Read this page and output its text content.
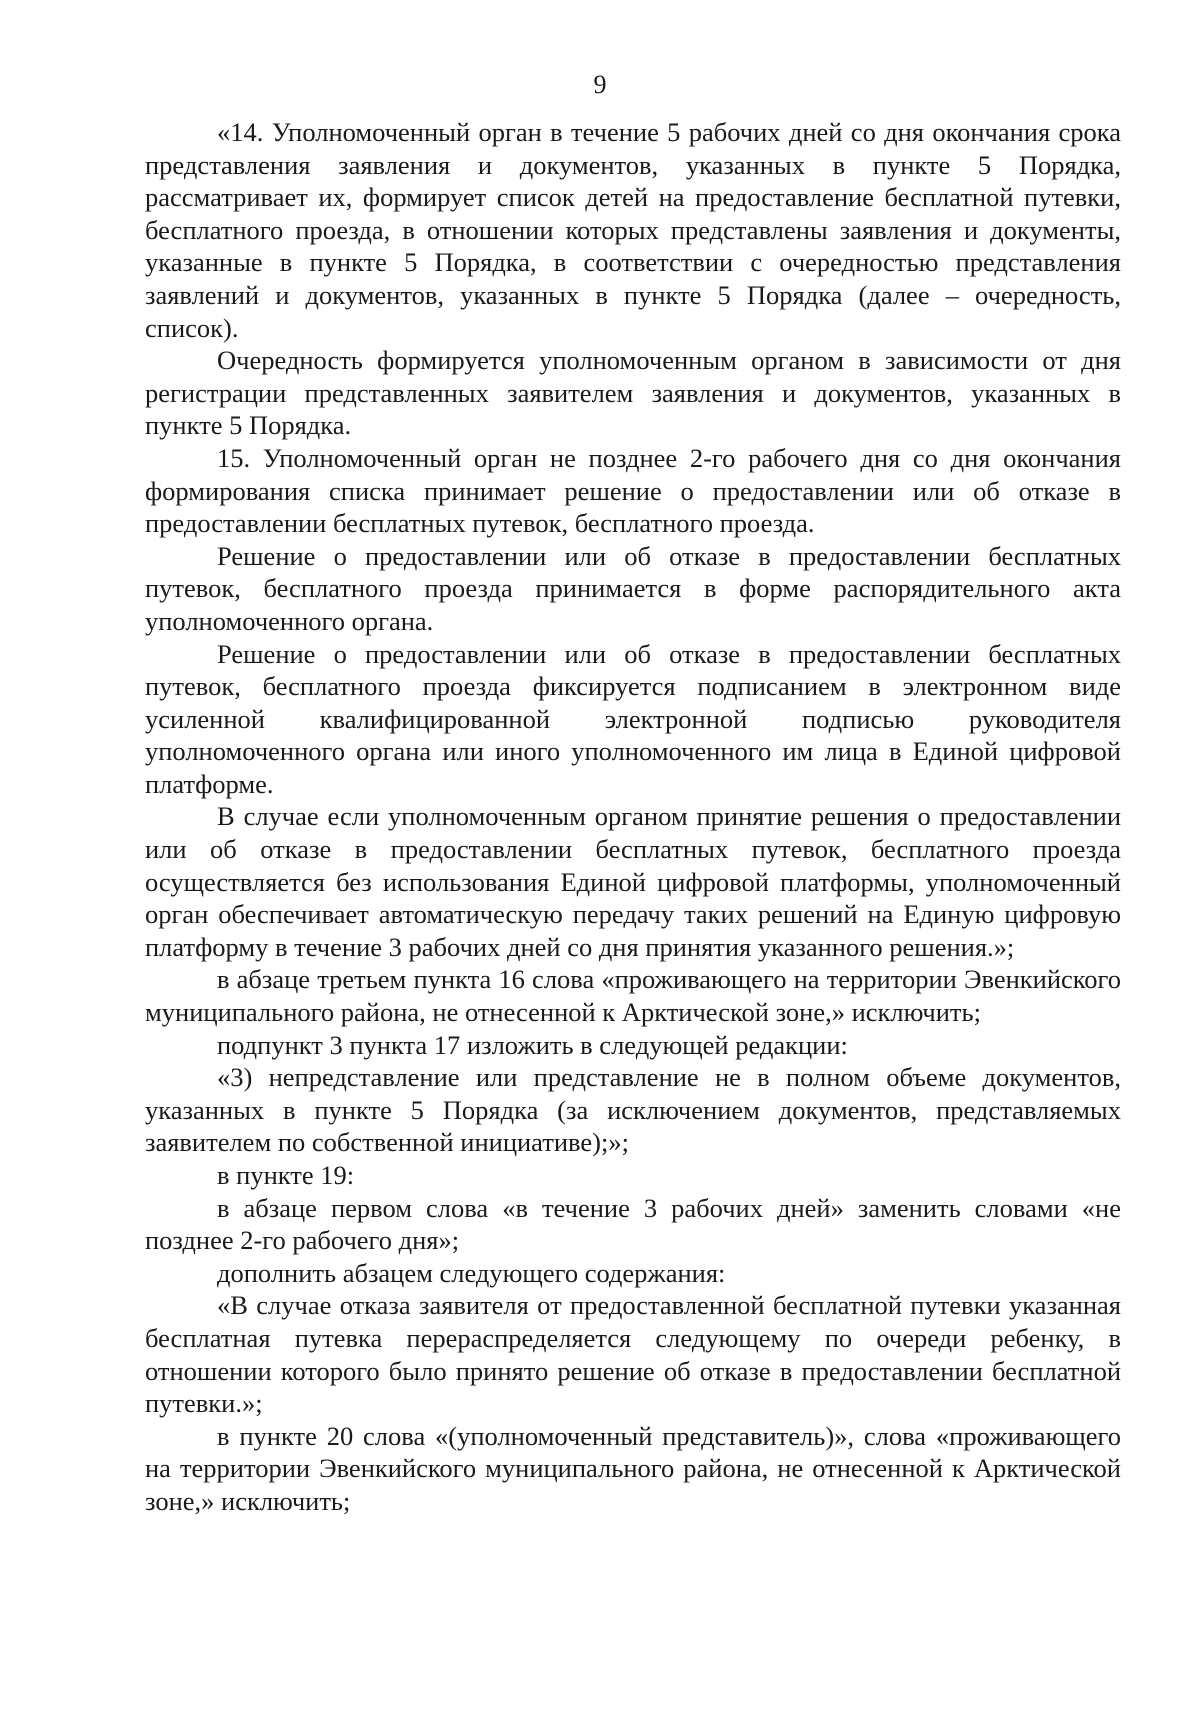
9

«14. Уполномоченный орган в течение 5 рабочих дней со дня окончания срока представления заявления и документов, указанных в пункте 5 Порядка, рассматривает их, формирует список детей на предоставление бесплатной путевки, бесплатного проезда, в отношении которых представлены заявления и документы, указанные в пункте 5 Порядка, в соответствии с очередностью представления заявлений и документов, указанных в пункте 5 Порядка (далее – очередность, список).

Очередность формируется уполномоченным органом в зависимости от дня регистрации представленных заявителем заявления и документов, указанных в пункте 5 Порядка.

15. Уполномоченный орган не позднее 2-го рабочего дня со дня окончания формирования списка принимает решение о предоставлении или об отказе в предоставлении бесплатных путевок, бесплатного проезда.

Решение о предоставлении или об отказе в предоставлении бесплатных путевок, бесплатного проезда принимается в форме распорядительного акта уполномоченного органа.

Решение о предоставлении или об отказе в предоставлении бесплатных путевок, бесплатного проезда фиксируется подписанием в электронном виде усиленной квалифицированной электронной подписью руководителя уполномоченного органа или иного уполномоченного им лица в Единой цифровой платформе.

В случае если уполномоченным органом принятие решения о предоставлении или об отказе в предоставлении бесплатных путевок, бесплатного проезда осуществляется без использования Единой цифровой платформы, уполномоченный орган обеспечивает автоматическую передачу таких решений на Единую цифровую платформу в течение 3 рабочих дней со дня принятия указанного решения.»;

в абзаце третьем пункта 16 слова «проживающего на территории Эвенкийского муниципального района, не отнесенной к Арктической зоне,» исключить;

подпункт 3 пункта 17 изложить в следующей редакции:

«3) непредставление или представление не в полном объеме документов, указанных в пункте 5 Порядка (за исключением документов, представляемых заявителем по собственной инициативе);»;

в пункте 19:

в абзаце первом слова «в течение 3 рабочих дней» заменить словами «не позднее 2-го рабочего дня»;

дополнить абзацем следующего содержания:

«В случае отказа заявителя от предоставленной бесплатной путевки указанная бесплатная путевка перераспределяется следующему по очереди ребенку, в отношении которого было принято решение об отказе в предоставлении бесплатной путевки.»;

в пункте 20 слова «(уполномоченный представитель)», слова «проживающего на территории Эвенкийского муниципального района, не отнесенной к Арктической зоне,» исключить;
